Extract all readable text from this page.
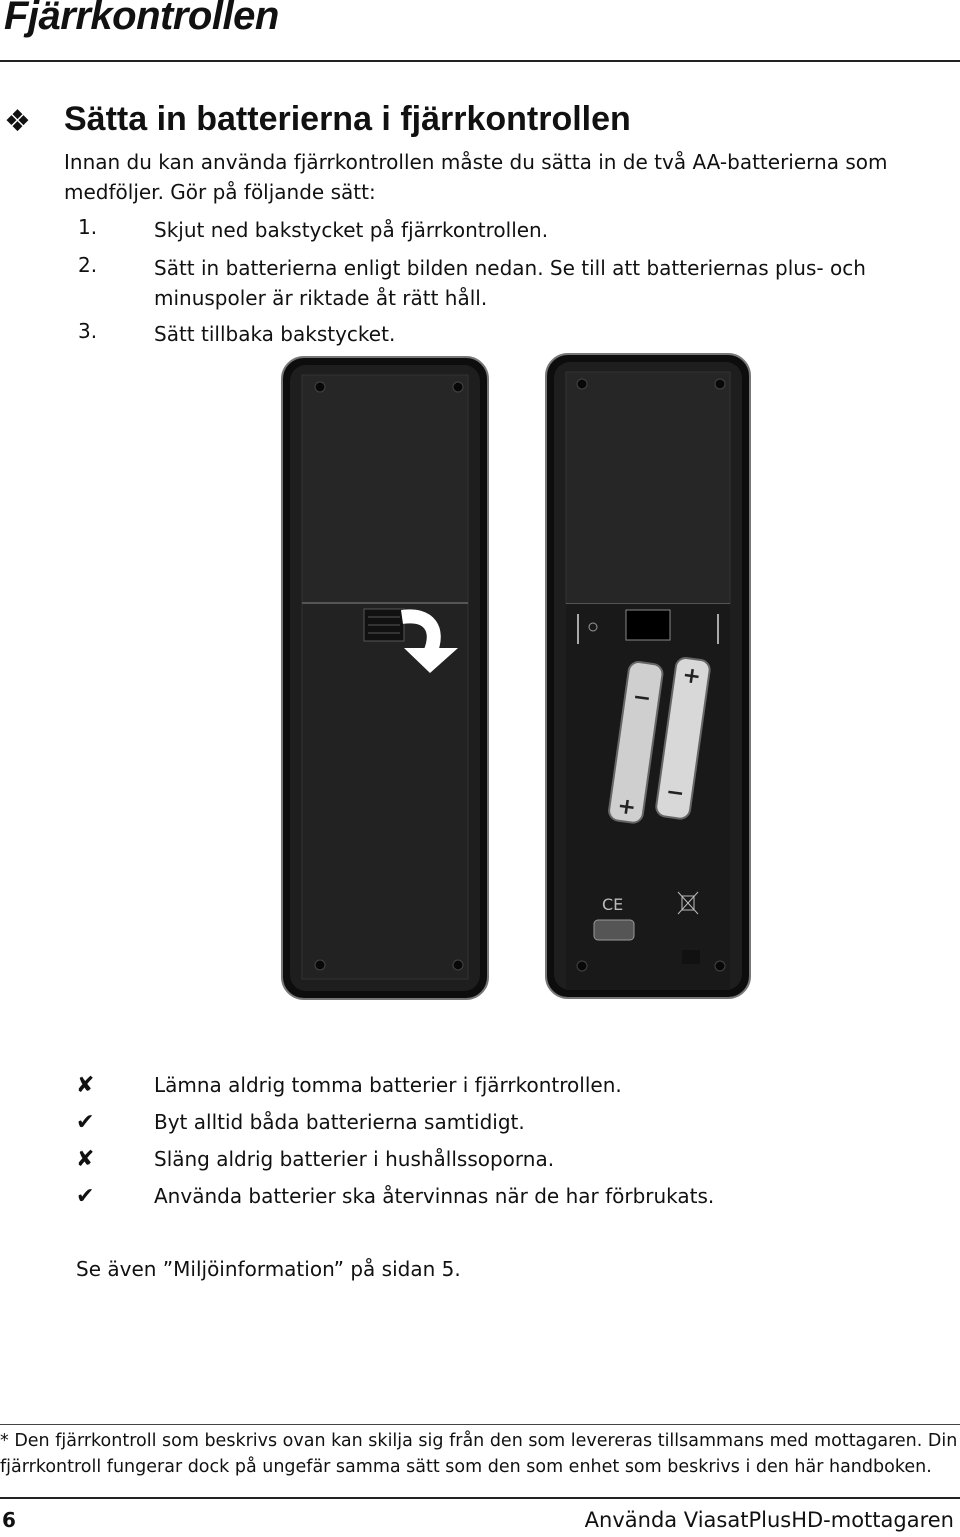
Fjärrkontrollen
❖ Sätta in batterierna i fjärrkontrollen
Innan du kan använda fjärrkontrollen måste du sätta in de två AA-batterierna som medföljer. Gör på följande sätt:
1.	Skjut ned bakstycket på fjärrkontrollen.
2.	Sätt in batterierna enligt bilden nedan. Se till att batteriernas plus- och minuspoler är riktade åt rätt håll.
3.	Sätt tillbaka bakstycket.
−
+
+
−
CE
✘	Lämna aldrig tomma batterier i fjärrkontrollen.
✔	Byt alltid båda batterierna samtidigt.
✘	Släng aldrig batterier i hushållssoporna.
✔	Använda batterier ska återvinnas när de har förbrukats.
Se även ”Miljöinformation” på sidan 5.
* Den fjärrkontroll som beskrivs ovan kan skilja sig från den som levereras tillsammans med mottagaren. Din fjärrkontroll fungerar dock på ungefär samma sätt som den som enhet som beskrivs i den här handboken.
6	Använda ViasatPlusHD-mottagaren
